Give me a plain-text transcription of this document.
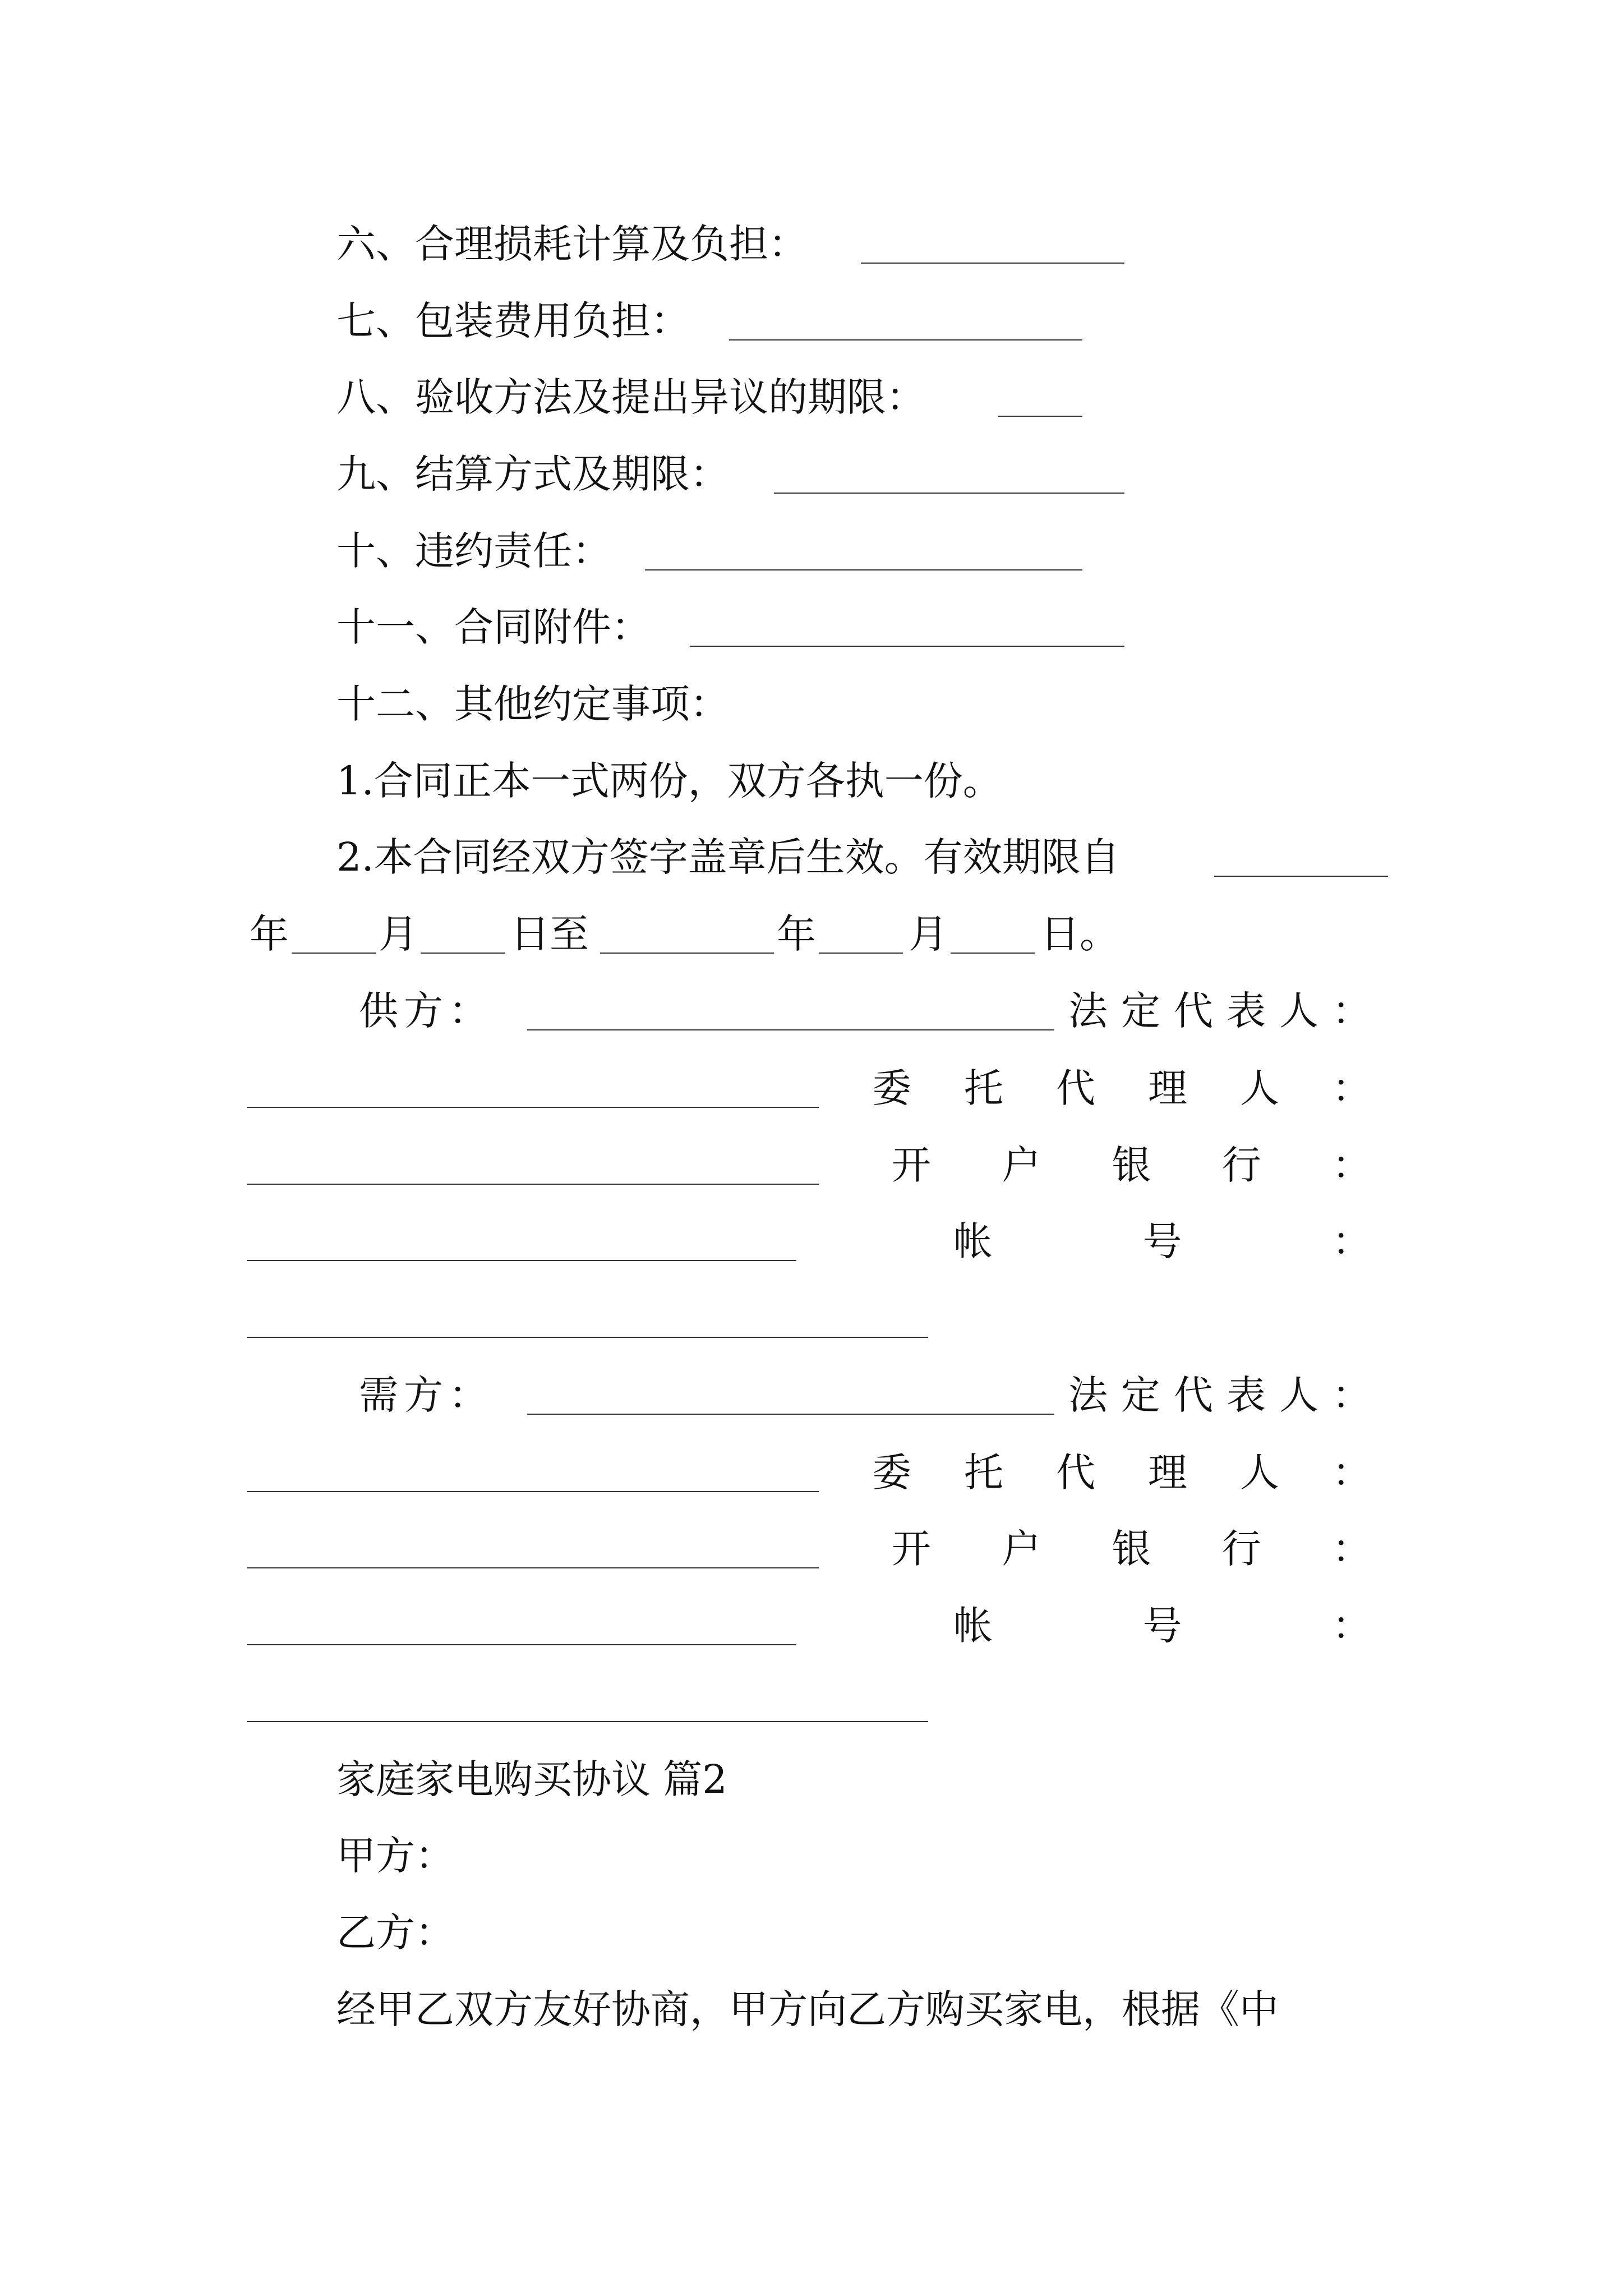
六、合理损耗计算及负担：
七、包装费用负担：
八、验收方法及提出异议的期限：
九、结算方式及期限：
十、违约责任：
十一、合同附件：
十二、其他约定事项：
1.合同正本一式两份，双方各执一份。
2.本合同经双方签字盖章后生效。有效期限自
年 月 日至	年 月 日。
供 方 ：	法 定 代 表 人 ：
委 托 代 理 人 ：
开 户 银 行 ：
帐	号	：
需 方 ：	法 定 代 表 人 ：
委 托 代 理 人 ：
开 户 银 行 ：
帐	号	：
家庭家电购买协议 篇2
甲方：
乙方：
经甲乙双方友好协商，甲方向乙方购买家电，根据《中
